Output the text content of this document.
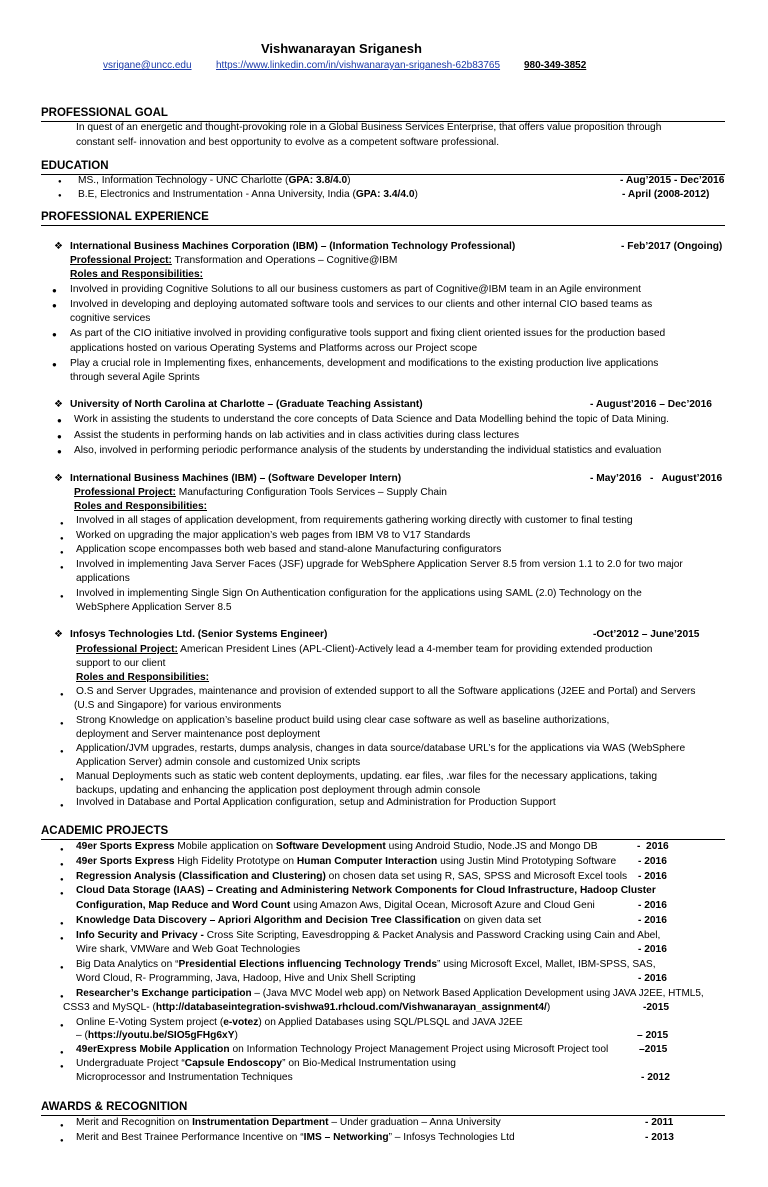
Vishwanarayan Sriganesh
vsrigane@uncc.edu https://www.linkedin.com/in/vishwanarayan-sriganesh-62b83765 980-349-3852
PROFESSIONAL GOAL
In quest of an energetic and thought-provoking role in a Global Business Services Enterprise, that offers value proposition through
constant self- innovation and best opportunity to evolve as a competent software professional.
EDUCATION
● MS., Information Technology - UNC Charlotte (GPA: 3.8/4.0)	- Aug’2015 - Dec’2016
● B.E, Electronics and Instrumentation - Anna University, India (GPA: 3.4/4.0)	- April (2008-2012)
PROFESSIONAL EXPERIENCE
❖ International Business Machines Corporation (IBM) – (Information Technology Professional)	- Feb’2017 (Ongoing)
Professional Project: Transformation and Operations – Cognitive@IBM
Roles and Responsibilities:
● Involved in providing Cognitive Solutions to all our business customers as part of Cognitive@IBM team in an Agile environment
● Involved in developing and deploying automated software tools and services to our clients and other internal CIO based teams as
cognitive services
● As part of the CIO initiative involved in providing configurative tools support and fixing client oriented issues for the production based
applications hosted on various Operating Systems and Platforms across our Project scope
● Play a crucial role in Implementing fixes, enhancements, development and modifications to the existing production live applications
through several Agile Sprints
❖ University of North Carolina at Charlotte – (Graduate Teaching Assistant)	- August’2016 – Dec’2016
● Work in assisting the students to understand the core concepts of Data Science and Data Modelling behind the topic of Data Mining.
● Assist the students in performing hands on lab activities and in class activities during class lectures
● Also, involved in performing periodic performance analysis of the students by understanding the individual statistics and evaluation
❖ International Business Machines (IBM) – (Software Developer Intern)	- May’2016   -   August’2016
Professional Project: Manufacturing Configuration Tools Services – Supply Chain
Roles and Responsibilities:
● Involved in all stages of application development, from requirements gathering working directly with customer to final testing
● Worked on upgrading the major application’s web pages from IBM V8 to V17 Standards
● Application scope encompasses both web based and stand-alone Manufacturing configurators
● Involved in implementing Java Server Faces (JSF) upgrade for WebSphere Application Server 8.5 from version 1.1 to 2.0 for two major
applications
● Involved in implementing Single Sign On Authentication configuration for the applications using SAML (2.0) Technology on the
WebSphere Application Server 8.5
❖ Infosys Technologies Ltd. (Senior Systems Engineer)	-Oct’2012 – June’2015
Professional Project: American President Lines (APL-Client)-Actively lead a 4-member team for providing extended production
support to our client
Roles and Responsibilities:
● O.S and Server Upgrades, maintenance and provision of extended support to all the Software applications (J2EE and Portal) and Servers
(U.S and Singapore) for various environments
● Strong Knowledge on application’s baseline product build using clear case software as well as baseline authorizations,
deployment and Server maintenance post deployment
● Application/JVM upgrades, restarts, dumps analysis, changes in data source/database URL’s for the applications via WAS (WebSphere
Application Server) admin console and customized Unix scripts
● Manual Deployments such as static web content deployments, updating. ear files, .war files for the necessary applications, taking
backups, updating and enhancing the application post deployment through admin console
● Involved in Database and Portal Application configuration, setup and Administration for Production Support
ACADEMIC PROJECTS
● 49er Sports Express Mobile application on Software Development using Android Studio, Node.JS and Mongo DB	-  2016
● 49er Sports Express High Fidelity Prototype on Human Computer Interaction using Justin Mind Prototyping Software - 2016
● Regression Analysis (Classification and Clustering) on chosen data set using R, SAS, SPSS and Microsoft Excel tools - 2016
● Cloud Data Storage (IAAS) – Creating and Administering Network Components for Cloud Infrastructure, Hadoop Cluster
Configuration, Map Reduce and Word Count using Amazon Aws, Digital Ocean, Microsoft Azure and Cloud Geni	- 2016
● Knowledge Data Discovery – Apriori Algorithm and Decision Tree Classification on given data set	- 2016
● Info Security and Privacy - Cross Site Scripting, Eavesdropping & Packet Analysis and Password Cracking using Cain and Abel,
Wire shark, VMWare and Web Goat Technologies	- 2016
● Big Data Analytics on “Presidential Elections influencing Technology Trends” using Microsoft Excel, Mallet, IBM-SPSS, SAS,
Word Cloud, R- Programming, Java, Hadoop, Hive and Unix Shell Scripting	- 2016
● Researcher’s Exchange participation – (Java MVC Model web app) on Network Based Application Development using JAVA J2EE, HTML5,
CSS3 and MySQL- (http://databaseintegration-svishwa91.rhcloud.com/Vishwanarayan_assignment4/)	-2015
● Online E-Voting System project (e-votez) on Applied Databases using SQL/PLSQL and JAVA J2EE
– (https://youtu.be/SIO5gFHg6xY)	– 2015
● 49erExpress Mobile Application on Information Technology Project Management Project using Microsoft Project tool	–2015
● Undergraduate Project “Capsule Endoscopy” on Bio-Medical Instrumentation using
Microprocessor and Instrumentation Techniques	- 2012
AWARDS & RECOGNITION
● Merit and Recognition on Instrumentation Department – Under graduation – Anna University	- 2011
● Merit and Best Trainee Performance Incentive on “IMS – Networking” – Infosys Technologies Ltd	- 2013
